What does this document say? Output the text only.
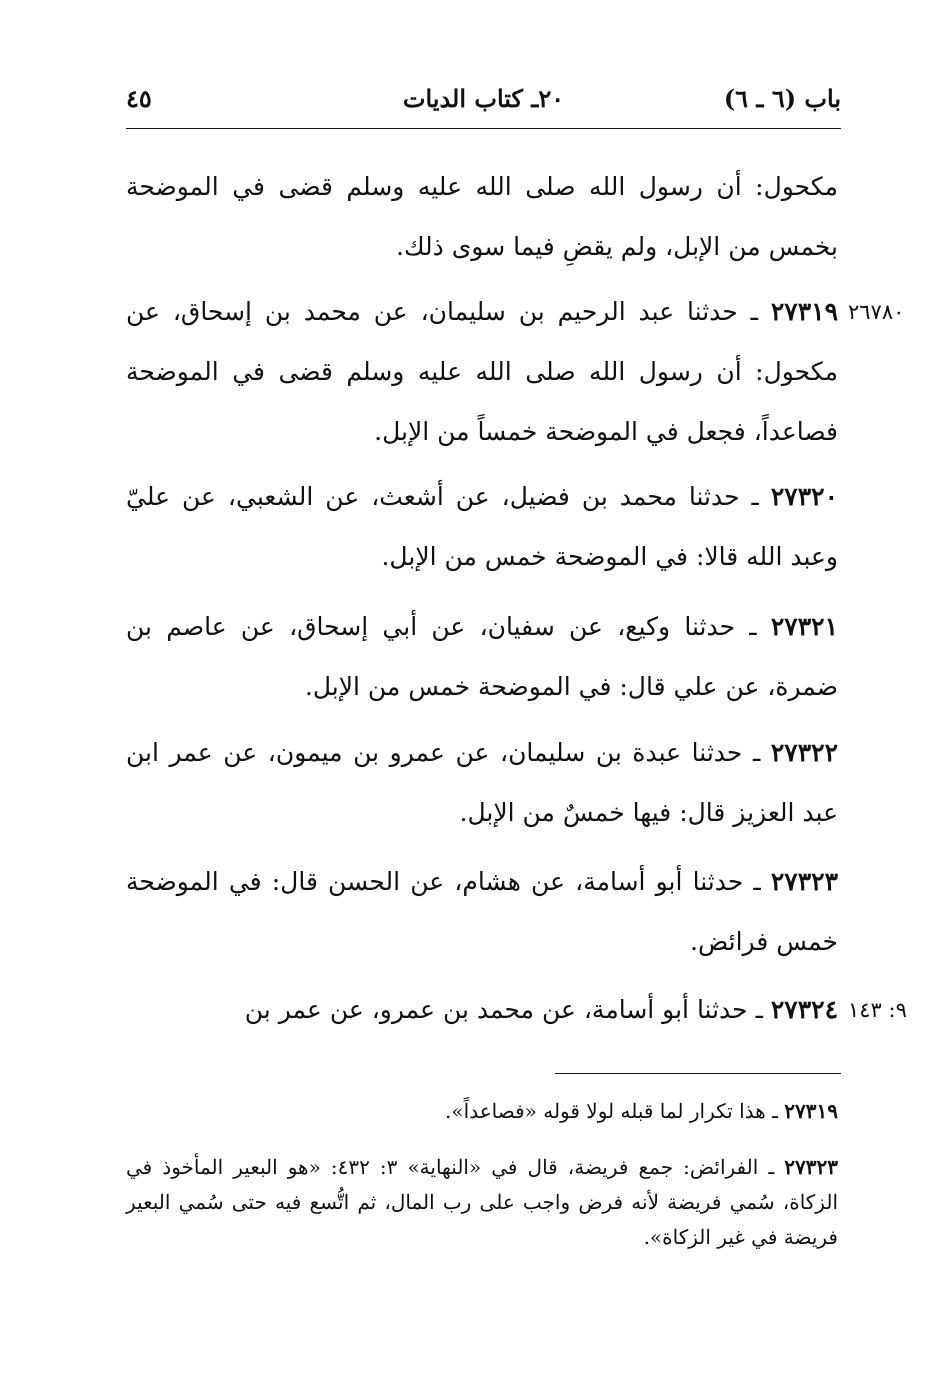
باب (٦ ـ ٦)
٢٠ـ كتاب الديات
٤٥
مكحول: أن رسول الله صلى الله عليه وسلم قضى في الموضحة بخمس من الإبل، ولم يقضِ فيما سوى ذلك.
٢٦٧٨٠
٢٧٣١٩ ـ حدثنا عبد الرحيم بن سليمان، عن محمد بن إسحاق، عن مكحول: أن رسول الله صلى الله عليه وسلم قضى في الموضحة فصاعداً، فجعل في الموضحة خمساً من الإبل.
٢٧٣٢٠ ـ حدثنا محمد بن فضيل، عن أشعث، عن الشعبي، عن عليّ وعبد الله قالا: في الموضحة خمس من الإبل.
٢٧٣٢١ ـ حدثنا وكيع، عن سفيان، عن أبي إسحاق، عن عاصم بن ضمرة، عن علي قال: في الموضحة خمس من الإبل.
٢٧٣٢٢ ـ حدثنا عبدة بن سليمان، عن عمرو بن ميمون، عن عمر ابن عبد العزيز قال: فيها خمسٌ من الإبل.
٢٧٣٢٣ ـ حدثنا أبو أسامة، عن هشام، عن الحسن قال: في الموضحة خمس فرائض.
٩: ١٤٣
٢٧٣٢٤ ـ حدثنا أبو أسامة، عن محمد بن عمرو، عن عمر بن
٢٧٣١٩ ـ هذا تكرار لما قبله لولا قوله «فصاعداً».
٢٧٣٢٣ ـ الفرائض: جمع فريضة، قال في «النهاية» ٣: ٤٣٢: «هو البعير المأخوذ في الزكاة، سُمي فريضة لأنه فرض واجب على رب المال، ثم اتُّسع فيه حتى سُمي البعير فريضة في غير الزكاة».
